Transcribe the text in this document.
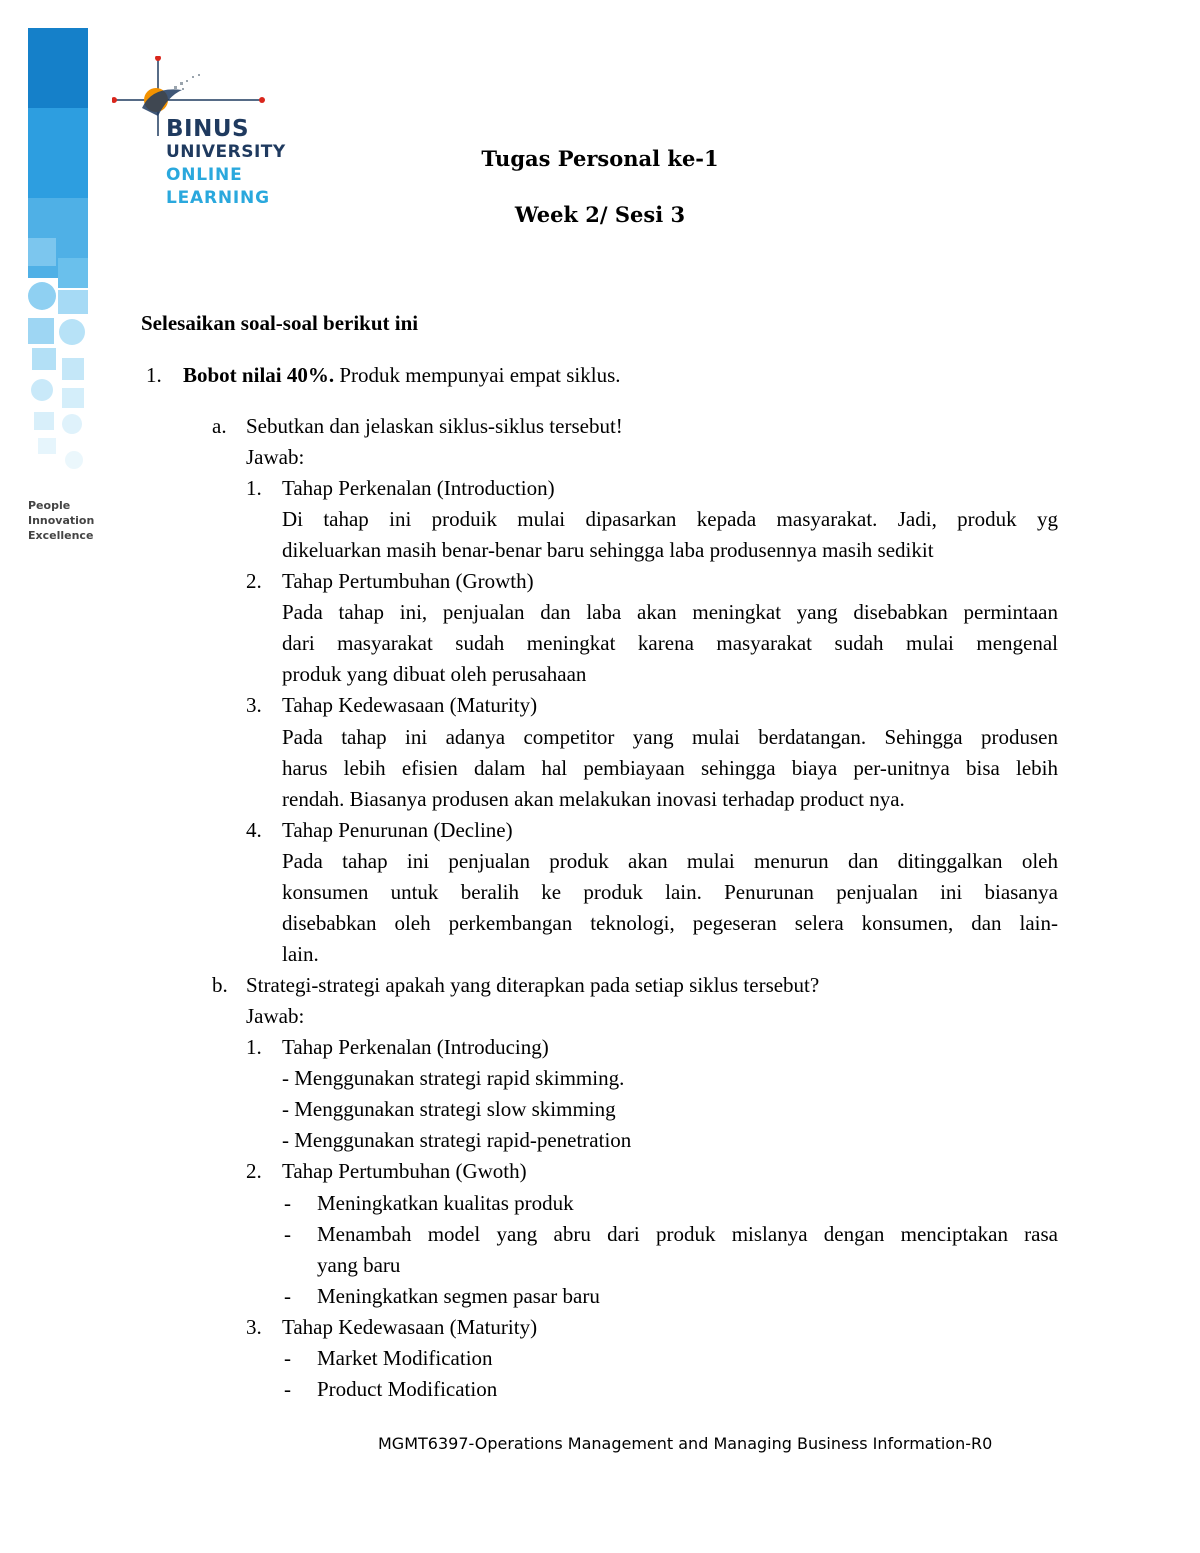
People
Innovation
Excellence
BINUS
UNIVERSITY
ONLINE
LEARNING
Tugas Personal ke-1
Week 2/ Sesi 3
Selesaikan soal-soal berikut ini
1. Bobot nilai 40%. Produk mempunyai empat siklus.
a. Sebutkan dan jelaskan siklus-siklus tersebut!
Jawab:
1. Tahap Perkenalan (Introduction)
Di tahap ini produik mulai dipasarkan kepada masyarakat. Jadi, produk yg
dikeluarkan masih benar-benar baru sehingga laba produsennya masih sedikit
2. Tahap Pertumbuhan (Growth)
Pada tahap ini, penjualan dan laba akan meningkat yang disebabkan permintaan
dari masyarakat sudah meningkat karena masyarakat sudah mulai mengenal
produk yang dibuat oleh perusahaan
3. Tahap Kedewasaan (Maturity)
Pada tahap ini adanya competitor yang mulai berdatangan. Sehingga produsen
harus lebih efisien dalam hal pembiayaan sehingga biaya per-unitnya bisa lebih
rendah. Biasanya produsen akan melakukan inovasi terhadap product nya.
4. Tahap Penurunan (Decline)
Pada tahap ini penjualan produk akan mulai menurun dan ditinggalkan oleh
konsumen untuk beralih ke produk lain. Penurunan penjualan ini biasanya
disebabkan oleh perkembangan teknologi, pegeseran selera konsumen, dan lain-
lain.
b. Strategi-strategi apakah yang diterapkan pada setiap siklus tersebut?
Jawab:
1. Tahap Perkenalan (Introducing)
- Menggunakan strategi rapid skimming.
- Menggunakan strategi slow skimming
- Menggunakan strategi rapid-penetration
2. Tahap Pertumbuhan (Gwoth)
- Meningkatkan kualitas produk
- Menambah model yang abru dari produk mislanya dengan menciptakan rasa
yang baru
- Meningkatkan segmen pasar baru
3. Tahap Kedewasaan (Maturity)
- Market Modification
- Product Modification
MGMT6397-Operations Management and Managing Business Information-R0
